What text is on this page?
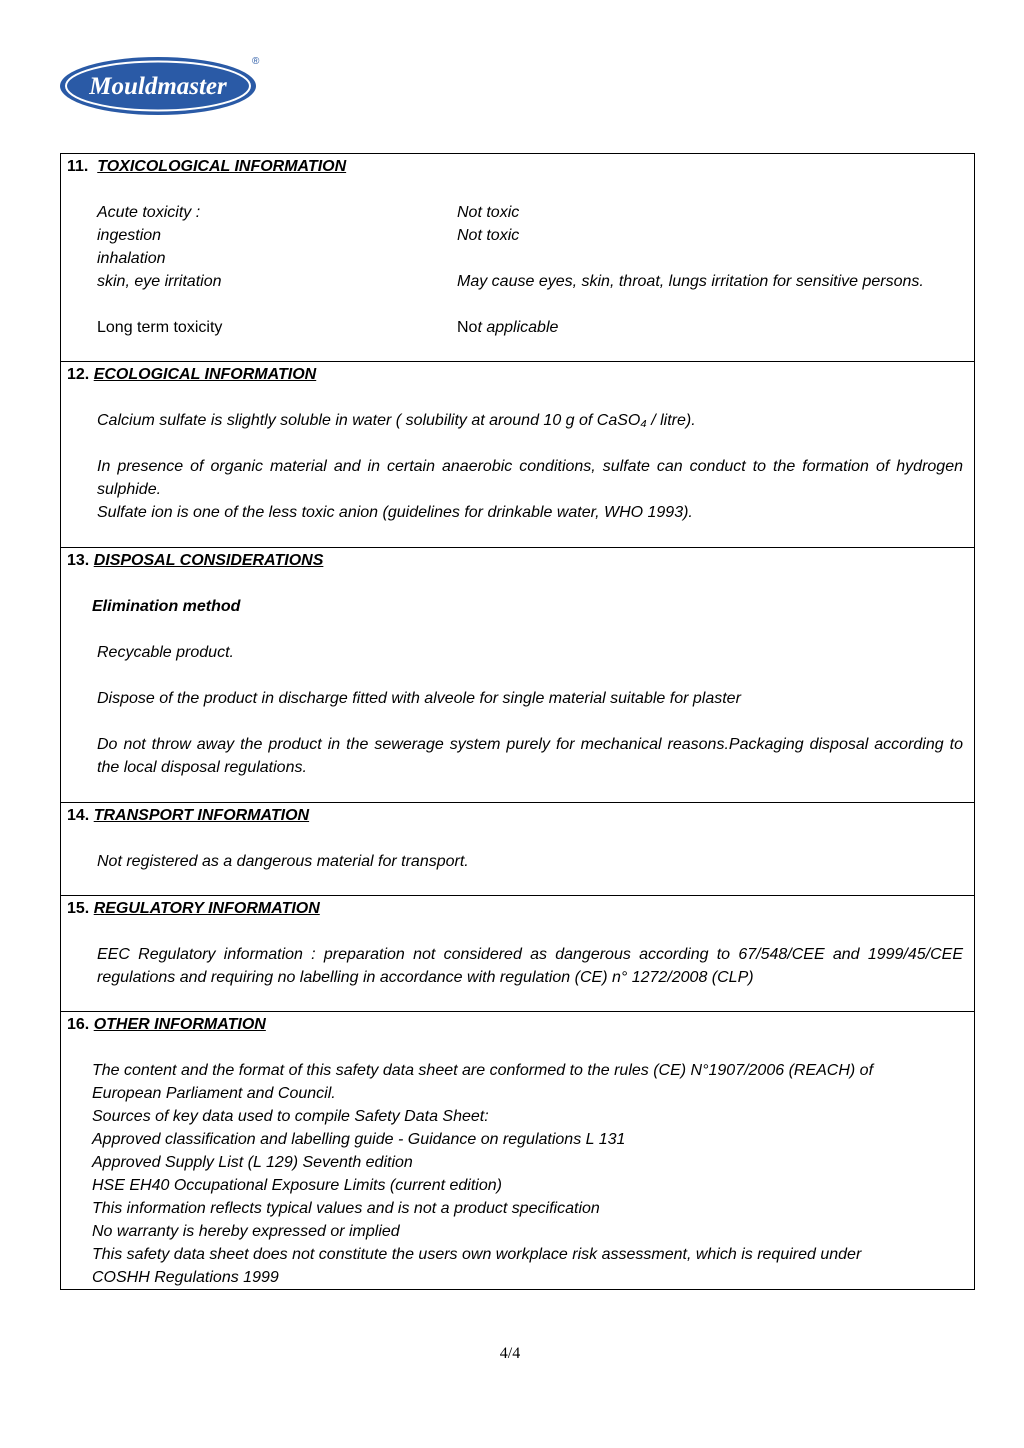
Mouldmaster
®
11. TOXICOLOGICAL INFORMATION
Acute toxicity :
ingestion
inhalation
skin, eye irritation
Long term toxicity
Not toxic
Not toxic
May cause eyes, skin, throat, lungs irritation for sensitive persons.
Not applicable
12. ECOLOGICAL INFORMATION
Calcium sulfate is slightly soluble in water ( solubility at around 10 g of CaSO₄ / litre).
In presence of organic material and in certain anaerobic conditions, sulfate can conduct to the formation of hydrogen sulphide.
Sulfate ion is one of the less toxic anion (guidelines for drinkable water, WHO 1993).
13. DISPOSAL CONSIDERATIONS
Elimination method
Recycable product.
Dispose of the product in discharge fitted with alveole for single material suitable for plaster
Do not throw away the product in the sewerage system purely for mechanical reasons.Packaging disposal according to the local disposal regulations.
14. TRANSPORT INFORMATION
Not registered as a dangerous material for transport.
15. REGULATORY INFORMATION
EEC Regulatory information : preparation not considered as dangerous according to 67/548/CEE and 1999/45/CEE regulations and requiring no labelling in accordance with regulation (CE) n° 1272/2008 (CLP)
16. OTHER INFORMATION
The content and the format of this safety data sheet are conformed to the rules (CE) N°1907/2006 (REACH) of
European Parliament and Council.
Sources of key data used to compile Safety Data Sheet:
Approved classification and labelling guide - Guidance on regulations L 131
Approved Supply List (L 129) Seventh edition
HSE EH40 Occupational Exposure Limits (current edition)
This information reflects typical values and is not a product specification
No warranty is hereby expressed or implied
This safety data sheet does not constitute the users own workplace risk assessment, which is required under
COSHH Regulations 1999
4/4
